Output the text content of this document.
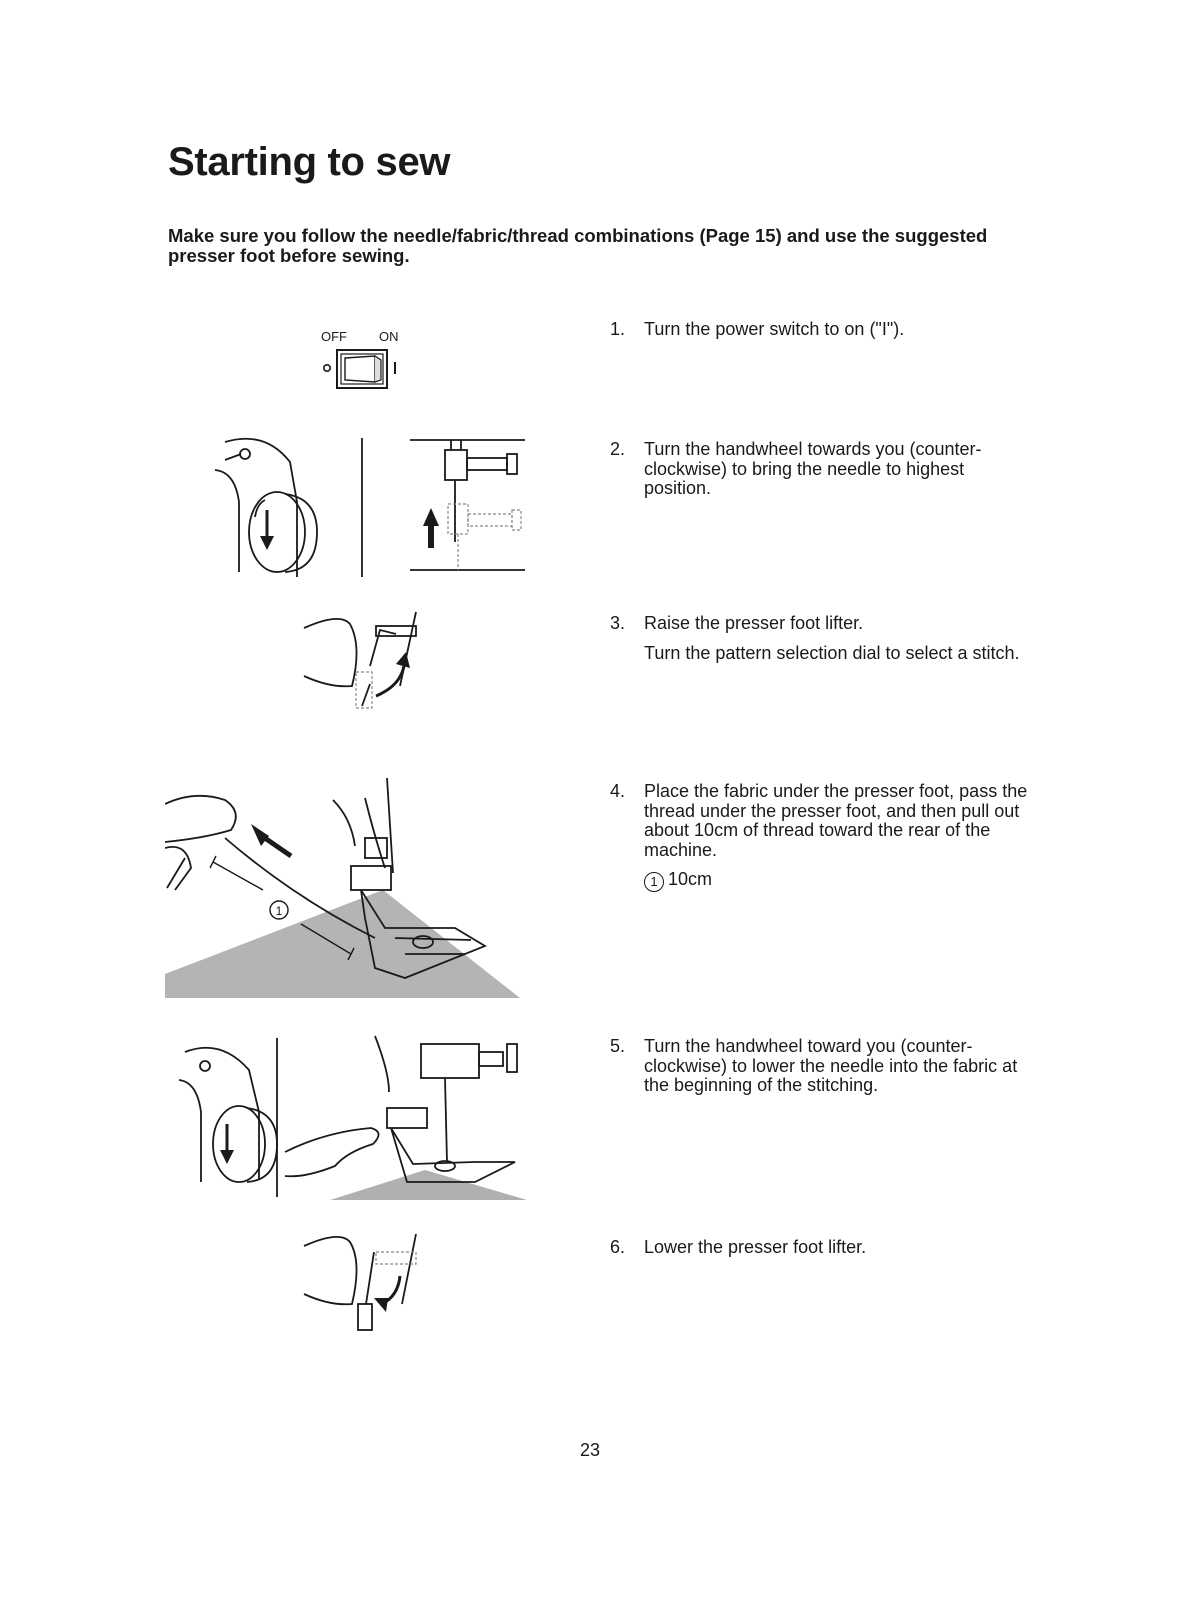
Starting to sew

Make sure you follow the needle/fabric/thread combinations (Page 15) and use the suggested presser foot before sewing.

1. Turn the power switch to on ("I").
2. Turn the handwheel towards you (counter-clockwise) to bring the needle to highest position.
3. Raise the presser foot lifter.
Turn the pattern selection dial to select a stitch.
4. Place the fabric under the presser foot, pass the thread under the presser foot, and then pull out about 10cm of thread toward the rear of the machine.
1 10cm
5. Turn the handwheel toward you (counter-clockwise) to lower the needle into the fabric at the beginning of the stitching.
6. Lower the presser foot lifter.
OFF ON
1
23
